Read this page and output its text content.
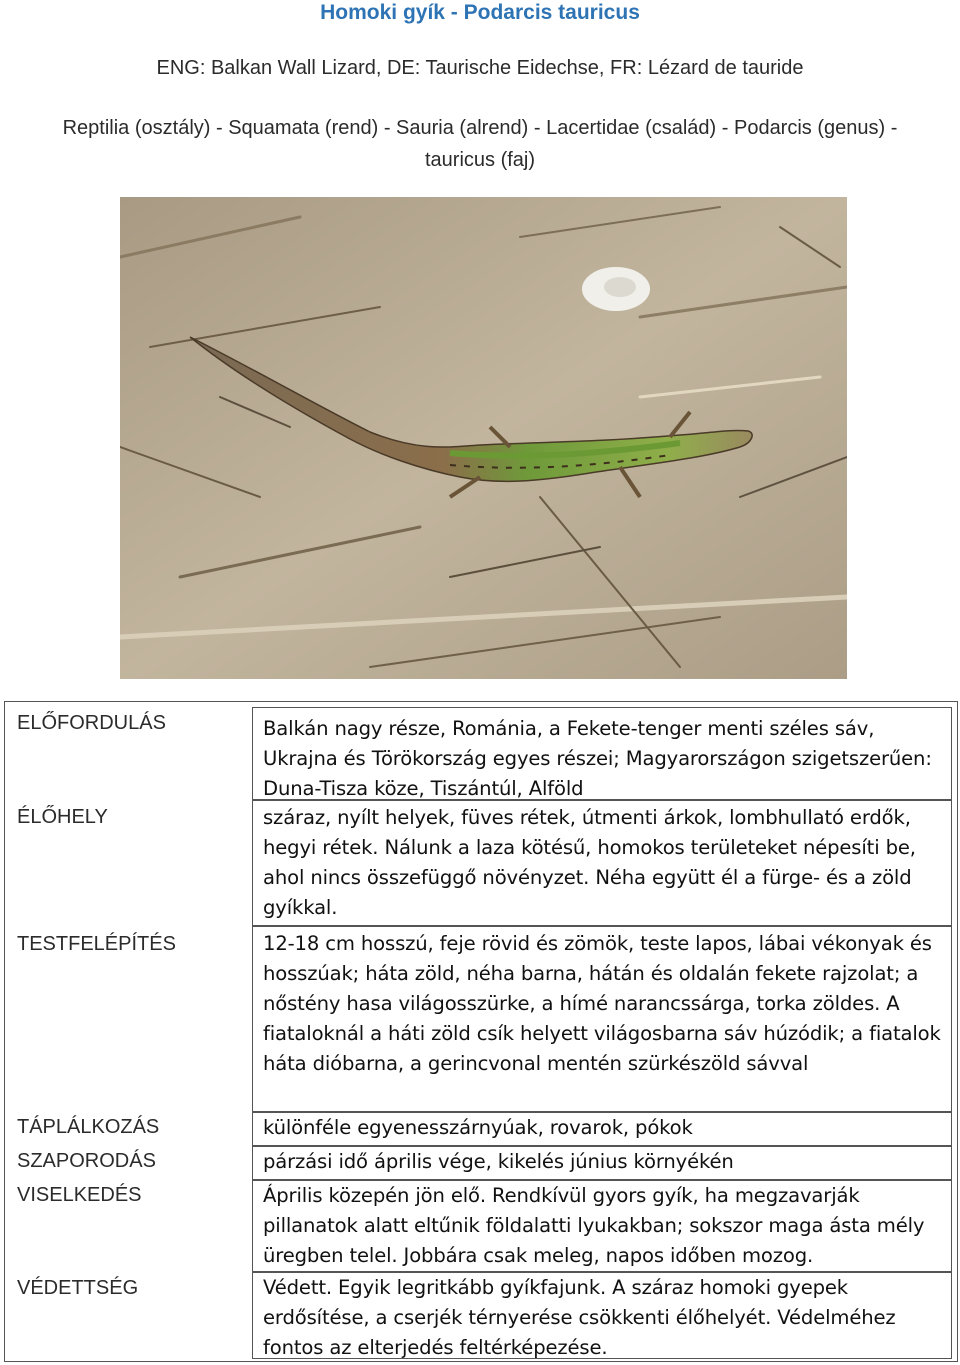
Homoki gyík - Podarcis tauricus
ENG: Balkan Wall Lizard, DE: Taurische Eidechse, FR: Lézard de tauride
Reptilia (osztály) - Squamata (rend) - Sauria (alrend) - Lacertidae (család) - Podarcis (genus) -
tauricus (faj)
ELŐFORDULÁS	Balkán nagy része, Románia, a Fekete-tenger menti széles sáv, Ukrajna és Törökország egyes részei; Magyarországon szigetszerűen: Duna-Tisza köze, Tiszántúl, Alföld
ÉLŐHELY	száraz, nyílt helyek, füves rétek, útmenti árkok, lombhullató erdők, hegyi rétek. Nálunk a laza kötésű, homokos területeket népesíti be, ahol nincs összefüggő növényzet. Néha együtt él a fürge- és a zöld gyíkkal.
TESTFELÉPÍTÉS	12-18 cm hosszú, feje rövid és zömök, teste lapos, lábai vékonyak és hosszúak; háta zöld, néha barna, hátán és oldalán fekete rajzolat; a nőstény hasa világosszürke, a hímé narancssárga, torka zöldes. A fiataloknál a háti zöld csík helyett világosbarna sáv húzódik; a fiatalok háta dióbarna, a gerincvonal mentén szürkészöld sávval
TÁPLÁLKOZÁS	különféle egyenesszárnyúak, rovarok, pókok
SZAPORODÁS	párzási idő április vége, kikelés június környékén
VISELKEDÉS	Április közepén jön elő. Rendkívül gyors gyík, ha megzavarják pillanatok alatt eltűnik földalatti lyukakban; sokszor maga ásta mély üregben telel. Jobbára csak meleg, napos időben mozog.
VÉDETTSÉG	Védett. Egyik legritkább gyíkfajunk. A száraz homoki gyepek erdősítése, a cserjék térnyerése csökkenti élőhelyét. Védelméhez fontos az elterjedés feltérképezése.
